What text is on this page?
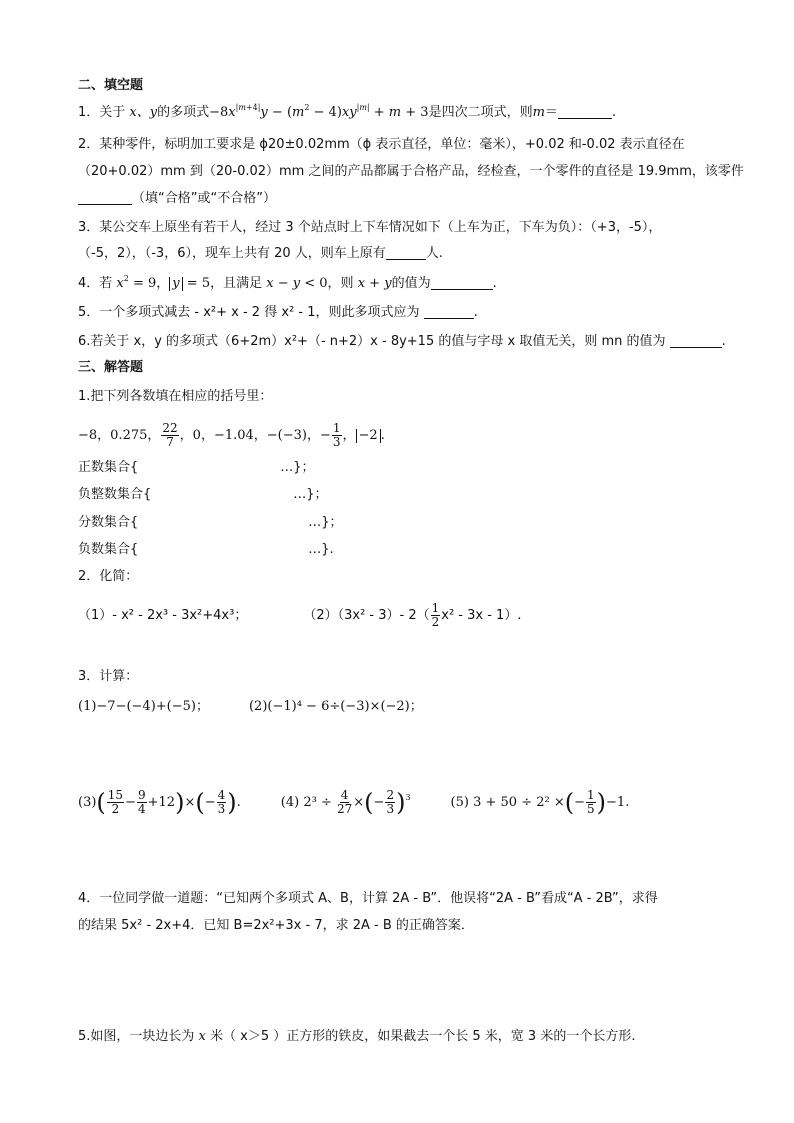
二、填空题
1．关于 x、y的多项式$-8x^{|m+4|}y - (m^2 - 4)xy^{|m|} + m + 3$是四次二项式，则m＝	.
2．某种零件，标明加工要求是 ϕ20±0.02mm（ϕ 表示直径，单位：毫米），+0.02 和-0.02 表示直径在
（20+0.02）mm 到（20-0.02）mm 之间的产品都属于合格产品，经检查，一个零件的直径是 19.9mm，该零件
（填“合格”或“不合格”）
3．某公交车上原坐有若干人，经过 3 个站点时上下车情况如下（上车为正，下车为负）：（+3，-5），
（-5，2），（-3，6），现车上共有 20 人，则车上原有	人.
4．若 $x^2 = 9$， y = 5，且满足 x − y < 0，则 x + y的值为	.
5．一个多项式减去 - x²+ x - 2 得 x² - 1，则此多项式应为	.
6.若关于 x，y 的多项式（6+2m）x²+（- n+2）x - 8y+15 的值与字母 x 取值无关，则 mn 的值为	.
三、解答题
1.把下列各数填在相应的括号里：
−8，0.275， $\frac{22}{7}$ ，0，−1.04，−(−3)，− $\frac{1}{3}$ ， −2 .
正数集合{	…}；
负整数集合{	…}；
分数集合{	…}；
负数集合{	…}.
2．化简：
（1）- x² - 2x³ - 3x²+4x³；	（2）（3x² - 3）- $2( \frac{1}{2} x^2 - 3x - 1)$.
3．计算：
(1)−7−(−4)+(−5)；	(2)(−1)⁴ − 6÷(−3)×(−2)；
$(3)( \frac{15}{2} - \frac{9}{4} +12)\times(- \frac{4}{3}$ ).	(4) $2^3 \div \frac{4}{27}$ ×(− $\frac{2}{3} )^3$	(5) 3 + 50 ÷ 2² ×(− $\frac{1}{5} )-1$.
4．一位同学做一道题：“已知两个多项式 A、B，计算 2A - B”．他误将“2A - B”看成“A - 2B”，求得
的结果 5x² - 2x+4．已知 B=2x²+3x - 7，求 2A - B 的正确答案．
5.如图，一块边长为 x 米（ x＞5 ）正方形的铁皮，如果截去一个长 5 米，宽 3 米的一个长方形.
